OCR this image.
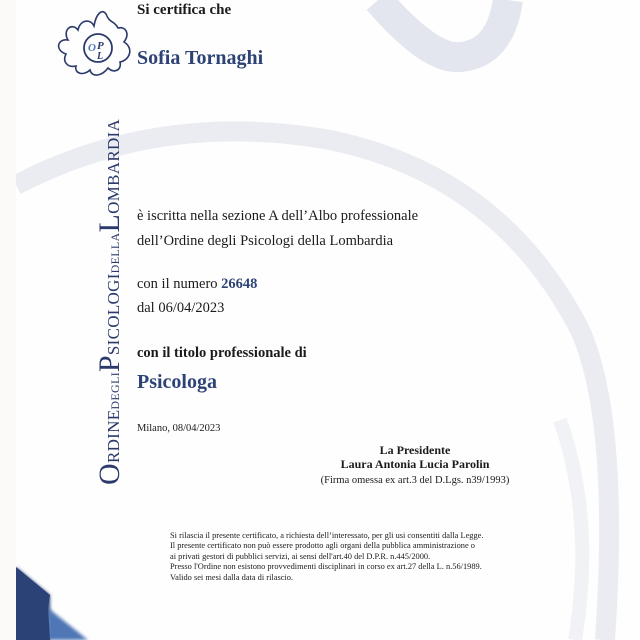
O P
L
ORDINEDEGLIPSICOLOGIDELLALOMBARDIA
Si certifica che
Sofia Tornaghi
è iscritta nella sezione A dell’Albo professionale
dell’Ordine degli Psicologi della Lombardia
con il numero 26648
dal 06/04/2023
con il titolo professionale di
Psicologa
Milano, 08/04/2023
La Presidente
Laura Antonia Lucia Parolin
(Firma omessa ex art.3 del D.Lgs. n39/1993)
Si rilascia il presente certificato, a richiesta dell’interessato, per gli usi consentiti dalla Legge.
Il presente certificato non può essere prodotto agli organi della pubblica amministrazione o
ai privati gestori di pubblici servizi, ai sensi dell'art.40 del D.P.R. n.445/2000.
Presso l'Ordine non esistono provvedimenti disciplinari in corso ex art.27 della L. n.56/1989.
Valido sei mesi dalla data di rilascio.
